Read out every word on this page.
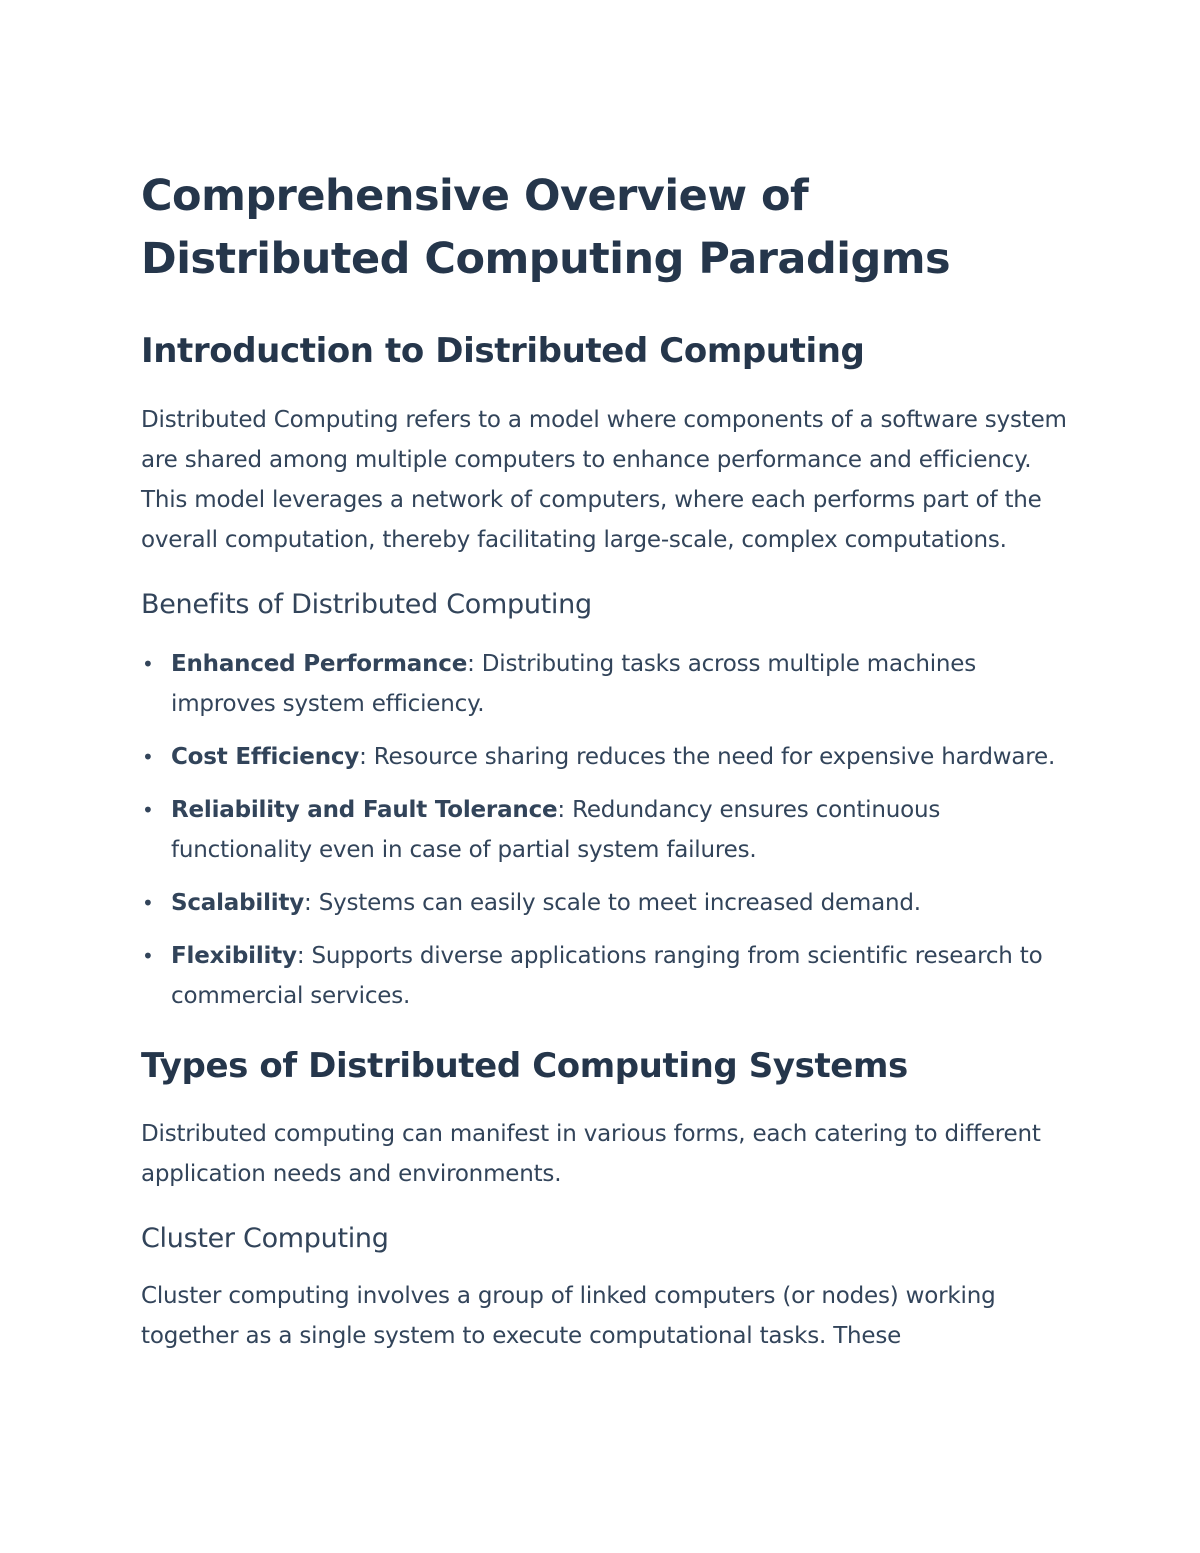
Comprehensive Overview of
Distributed Computing Paradigms
Introduction to Distributed Computing

Distributed Computing refers to a model where components of a software system are shared among multiple computers to enhance performance and efficiency. This model leverages a network of computers, where each performs part of the overall computation, thereby facilitating large-scale, complex computations.

Benefits of Distributed Computing
• Enhanced Performance: Distributing tasks across multiple machines improves system efficiency.
• Cost Efficiency: Resource sharing reduces the need for expensive hardware.
• Reliability and Fault Tolerance: Redundancy ensures continuous functionality even in case of partial system failures.
• Scalability: Systems can easily scale to meet increased demand.
• Flexibility: Supports diverse applications ranging from scientific research to commercial services.
Types of Distributed Computing Systems

Distributed computing can manifest in various forms, each catering to different application needs and environments.

Cluster Computing

Cluster computing involves a group of linked computers (or nodes) working together as a single system to execute computational tasks. These
